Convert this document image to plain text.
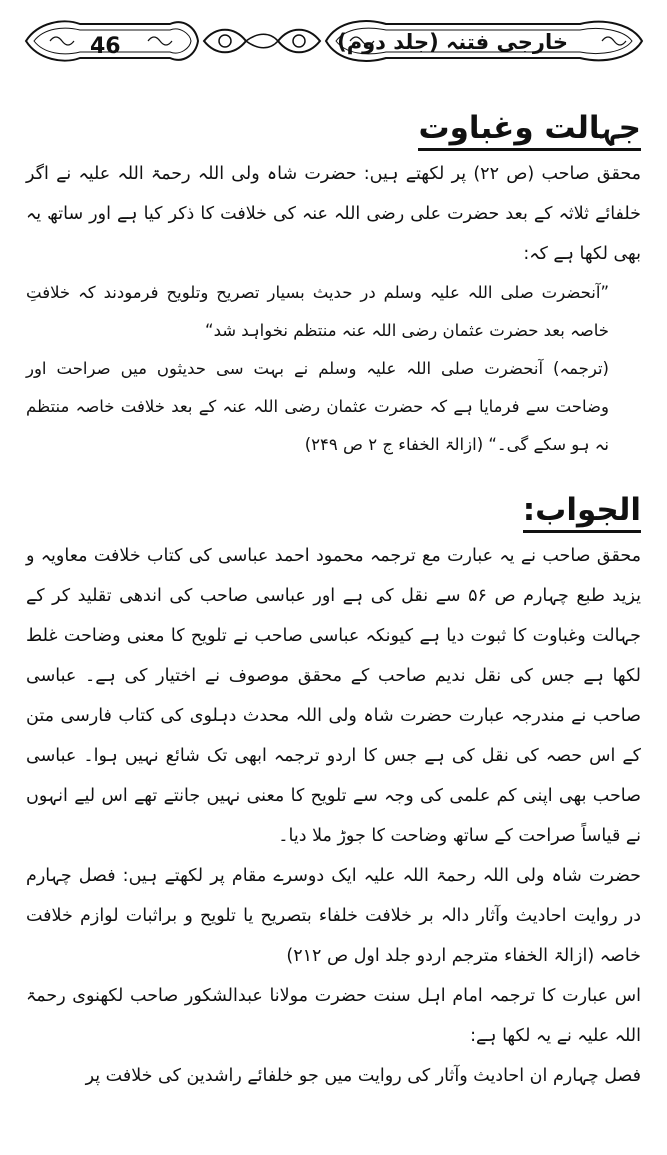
46	خارجی فتنہ (جلد دوم)
جہالت وغباوت

محقق صاحب (ص ۲۲) پر لکھتے ہیں: حضرت شاہ ولی اللہ رحمۃ اللہ علیہ نے اگر خلفائے ثلاثہ کے بعد حضرت علی رضی اللہ عنہ کی خلافت کا ذکر کیا ہے اور ساتھ یہ بھی لکھا ہے کہ:

”آنحضرت صلی اللہ علیہ وسلم در حدیث بسیار تصریح وتلویح فرمودند کہ خلافتِ خاصہ بعد حضرت عثمان رضی اللہ عنہ منتظم نخواہد شد“

(ترجمہ) آنحضرت صلی اللہ علیہ وسلم نے بہت سی حدیثوں میں صراحت اور وضاحت سے فرمایا ہے کہ حضرت عثمان رضی اللہ عنہ کے بعد خلافت خاصہ منتظم نہ ہو سکے گی۔“ (ازالۃ الخفاء ج ۲ ص ۲۴۹)

الجواب:

محقق صاحب نے یہ عبارت مع ترجمہ محمود احمد عباسی کی کتاب خلافت معاویہ و یزید طبع چہارم ص ۵۶ سے نقل کی ہے اور عباسی صاحب کی اندھی تقلید کر کے جہالت وغباوت کا ثبوت دیا ہے کیونکہ عباسی صاحب نے تلویح کا معنی وضاحت غلط لکھا ہے جس کی نقل ندیم صاحب کے محقق موصوف نے اختیار کی ہے۔ عباسی صاحب نے مندرجہ عبارت حضرت شاہ ولی اللہ محدث دہلوی کی کتاب فارسی متن کے اس حصہ کی نقل کی ہے جس کا اردو ترجمہ ابھی تک شائع نہیں ہوا۔ عباسی صاحب بھی اپنی کم علمی کی وجہ سے تلویح کا معنی نہیں جانتے تھے اس لیے انہوں نے قیاساً صراحت کے ساتھ وضاحت کا جوڑ ملا دیا۔

حضرت شاہ ولی اللہ رحمۃ اللہ علیہ ایک دوسرے مقام پر لکھتے ہیں: فصل چہارم در روایت احادیث وآثار دالہ بر خلافت خلفاء بتصریح یا تلویح و براثبات لوازم خلافت خاصہ (ازالۃ الخفاء مترجم اردو جلد اول ص ۲۱۲)

اس عبارت کا ترجمہ امام اہل سنت حضرت مولانا عبدالشکور صاحب لکھنوی رحمۃ اللہ علیہ نے یہ لکھا ہے:

فصل چہارم ان احادیث وآثار کی روایت میں جو خلفائے راشدین کی خلافت پر
